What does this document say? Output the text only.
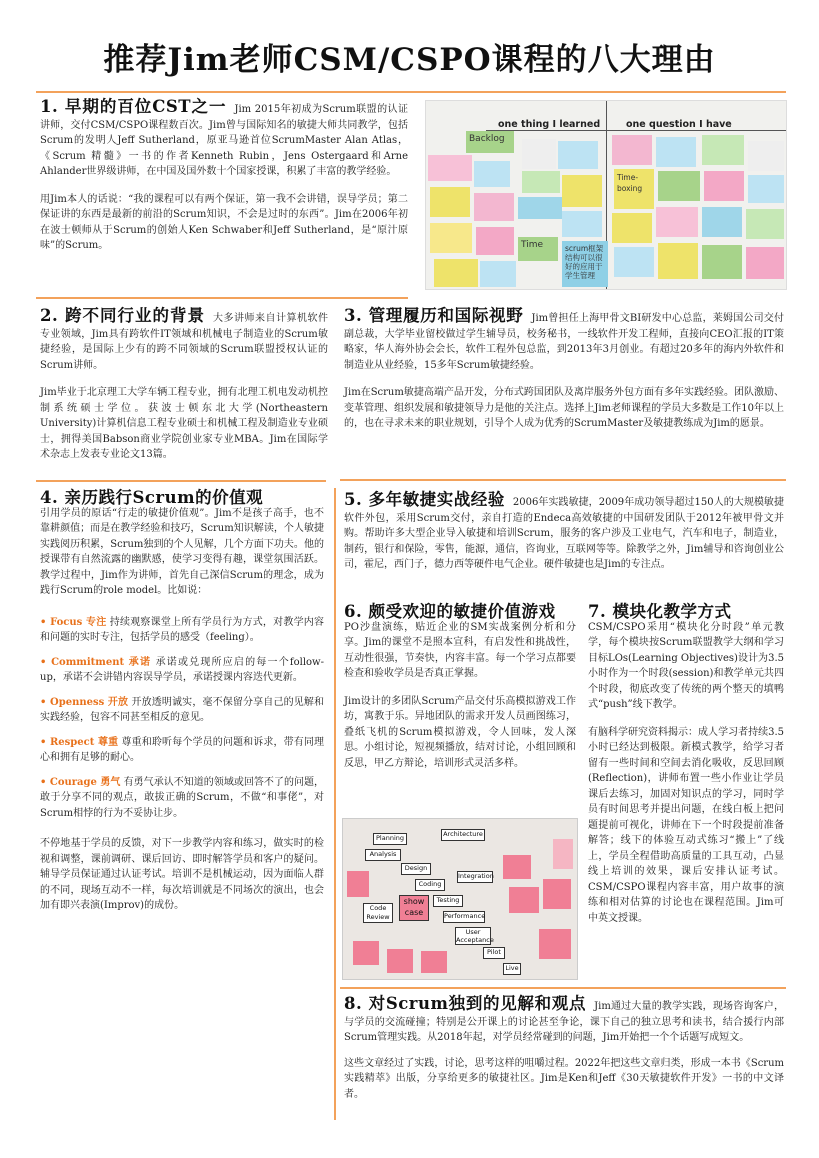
推荐Jim老师CSM/CSPO课程的八大理由

1. 早期的百位CST之一 Jim 2015年初成为Scrum联盟的认证讲师，交付CSM/CSPO课程数百次。Jim曾与国际知名的敏捷大师共同教学，包括Scrum的发明人Jeff Sutherland，原亚马逊首位ScrumMaster Alan Atlas，《Scrum 精髓》一书的作者Kenneth Rubin，Jens Ostergaard和Arne Ahlander世界级讲师，在中国及国外数十个国家授课，积累了丰富的教学经验。

用Jim本人的话说：“我的课程可以有两个保证，第一我不会讲错，误导学员；第二保证讲的东西是最新的前沿的Scrum知识，不会是过时的东西”。Jim在2006年初在波士顿师从于Scrum的创始人Ken Schwaber和Jeff Sutherland，是“原汁原味”的Scrum。

one thing I learned	one question I have
Backlog
Time	scrum框架结构可以很好的应用于学生管理
Time-boxing

2. 跨不同行业的背景 大多讲师来自计算机软件专业领域，Jim具有跨软件IT领域和机械电子制造业的Scrum敏捷经验，是国际上少有的跨不同领域的Scrum联盟授权认证的Scrum讲师。

Jim毕业于北京理工大学车辆工程专业，拥有北理工机电发动机控制系统硕士学位。获波士顿东北大学(Northeastern University)计算机信息工程专业硕士和机械工程及制造业专业硕士，拥得美国Babson商业学院创业家专业MBA。Jim在国际学术杂志上发表专业论文13篇。

3. 管理履历和国际视野 Jim曾担任上海甲骨文BI研发中心总监，莱姆国公司交付副总裁，大学毕业留校做过学生辅导员，校务秘书，一线软件开发工程师，直接向CEO汇报的IT策略家，华人海外协会会长，软件工程外包总监，到2013年3月创业。有超过20多年的海内外软件和制造业从业经验，15多年Scrum敏捷经验。

Jim在Scrum敏捷高端产品开发，分布式跨国团队及离岸服务外包方面有多年实践经验。团队激励、变革管理、组织发展和敏捷领导力是他的关注点。选择上Jim老师课程的学员大多数是工作10年以上的，也在寻求未来的职业规划，引导个人成为优秀的ScrumMaster及敏捷教练成为Jim的愿景。

4. 亲历践行Scrum的价值观
引用学员的原话“行走的敏捷价值观”。Jim不是孩子高手，也不靠耕颜值；而是在教学经验和技巧，Scrum知识解读，个人敏捷实践阅历积累，Scrum独到的个人见解，几个方面下功夫。他的授课带有自然流露的幽默感，使学习变得有趣，课堂氛围活跃。教学过程中，Jim作为讲师，首先自己深信Scrum的理念，成为践行Scrum的role model。比如说：

• Focus 专注 持续观察课堂上所有学员行为方式，对教学内容和问题的实时专注，包括学员的感受（feeling）。

• Commitment 承诺 承诺或兑现所应启的每一个follow-up，承诺不会讲错内容误导学员，承诺授课内容迭代更新。

• Openness 开放 开放透明诚实，毫不保留分享自己的见解和实践经验，包容不同甚至相反的意见。

• Respect 尊重 尊重和聆听每个学员的问题和诉求，带有同理心和拥有足够的耐心。

• Courage 勇气 有勇气承认不知道的领域或回答不了的问题，敢于分享不同的观点，敢拔正确的Scrum，不做“和事佬”，对Scrum相悖的行为不妥协让步。

不停地基于学员的反馈，对下一步教学内容和练习，做实时的检视和调整，课前调研、课后回访、即时解答学员和客户的疑问。辅导学员保证通过认证考试。培训不是机械运动，因为面临人群的不同，现场互动不一样，每次培训就是不同场次的演出，也会加有即兴表演(Improv)的成份。

5. 多年敏捷实战经验 2006年实践敏捷，2009年成功领导超过150人的大规模敏捷软件外包，采用Scrum交付，亲自打造的Endeca高效敏捷的中国研发团队于2012年被甲骨文并购。帮助许多大型企业导入敏捷和培训Scrum，服务的客户涉及工业电气，汽车和电子，制造业，制药，银行和保险，零售，能源，通信，咨询业，互联网等等。除教学之外，Jim辅导和咨询创业公司，霍尼，西门子，德力西等硬件电气企业。硬件敏捷也是Jim的专注点。

6. 颇受欢迎的敏捷价值游戏
PO沙盘演练，贴近企业的SM实战案例分析和分享。Jim的课堂不是照本宣科，有启发性和挑战性，互动性很强，节奏快，内容丰富。每一个学习点都要检查和验收学员是否真正掌握。

Jim设计的多团队Scrum产品交付乐高模拟游戏工作坊，寓教于乐。异地团队的需求开发人员画图练习，叠纸飞机的Scrum模拟游戏，令人回味，发人深思。小组讨论，短视频播放，结对讨论，小组回顾和反思，甲乙方辩论，培训形式灵活多样。

Planning	Architecture
Analysis
Design
Coding
Testing
show case	Performance
User Acceptance
Pilot
Live
Integration
Code Review

7. 模块化教学方式
CSM/CSPO采用“模块化分时段”单元教学，每个模块按Scrum联盟教学大纲和学习目标LOs(Learning Objectives)设计为3.5小时作为一个时段(session)和教学单元共四个时段，彻底改变了传统的两个整天的填鸭式“push”线下教学。

有脑科学研究资料揭示：成人学习者持续3.5小时已经达到极限。新模式教学，给学习者留有一些时间和空间去消化吸收，反思回顾(Reflection)，讲师布置一些小作业让学员课后去练习，加固对知识点的学习，同时学员有时间思考并提出问题，在线白板上把问题提前可视化，讲师在下一个时段提前准备解答；线下的体验互动式练习“搬上”了线上，学员全程借助高质量的工具互动，凸显线上培训的效果，课后安排认证考试。CSM/CSPO课程内容丰富，用户故事的演练和相对估算的讨论也在课程范围。Jim可中英文授课。

8. 对Scrum独到的见解和观点 Jim通过大量的教学实践，现场咨询客户，与学员的交流碰撞；特别是公开课上的讨论甚至争论，课下自己的独立思考和读书，结合援行内部Scrum管理实践。从2018年起，对学员经常碰到的问题，Jim开始把一个个话题写成短文。

这些文章经过了实践，讨论，思考这样的咀嚼过程。2022年把这些文章归类，形成一本书《Scrum实践精萃》出版，分享给更多的敏捷社区。Jim是Ken和Jeff《30天敏捷软件开发》一书的中文译者。
